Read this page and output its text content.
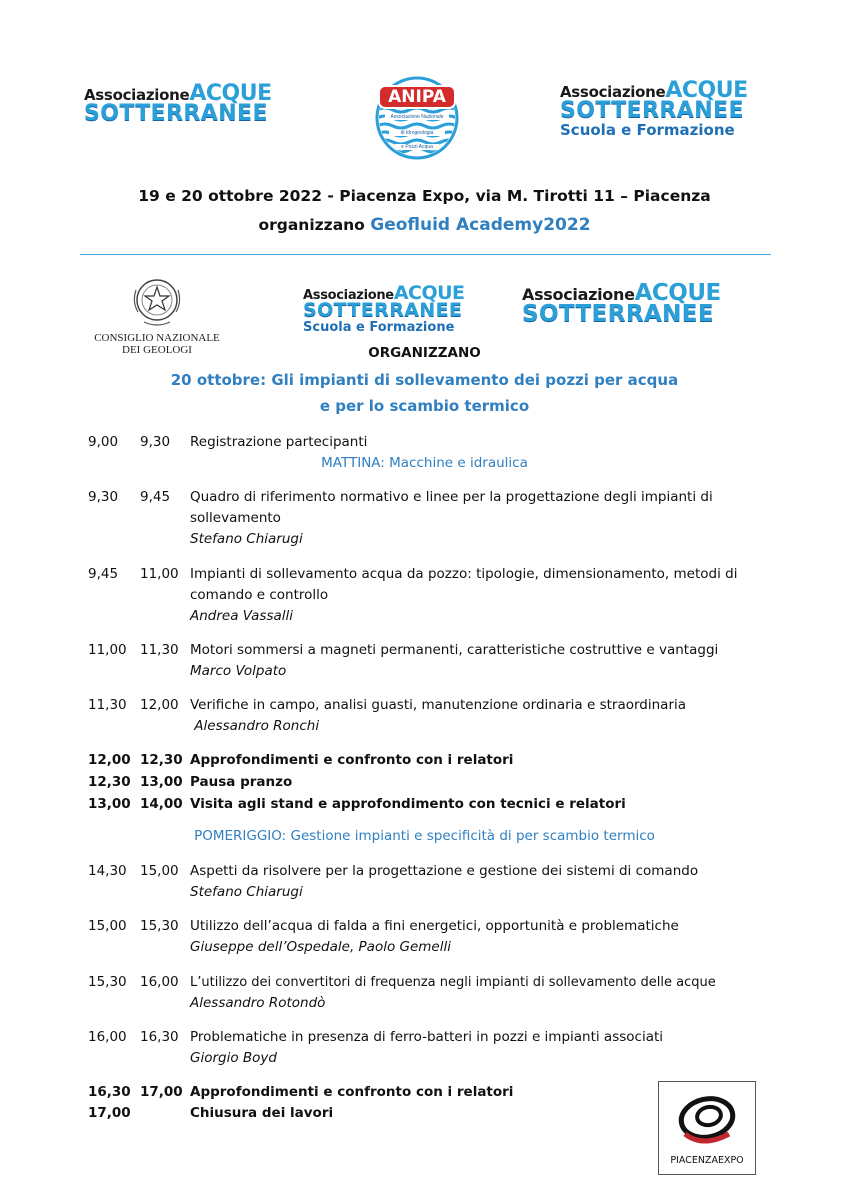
AssociazioneACQUE
SOTTERRANEE
ANIPA
Associazione Nazionale
di Idrogeologia
e Pozzi Acqua
AssociazioneACQUE
SOTTERRANEE
Scuola e Formazione
19 e 20 ottobre 2022 - Piacenza Expo, via M. Tirotti 11 – Piacenza
organizzano Geofluid Academy2022
CONSIGLIO NAZIONALE
DEI GEOLOGI
AssociazioneACQUE
SOTTERRANEE
Scuola e Formazione
AssociazioneACQUE
SOTTERRANEE
ORGANIZZANO
20 ottobre: Gli impianti di sollevamento dei pozzi per acqua
e per lo scambio termico
9,00	9,30	Registrazione partecipanti
MATTINA: Macchine e idraulica
9,30	9,45	Quadro di riferimento normativo e linee per la progettazione degli impianti di
sollevamento
Stefano Chiarugi
9,45	11,00 Impianti di sollevamento acqua da pozzo: tipologie, dimensionamento, metodi di
comando e controllo
Andrea Vassalli
11,00 11,30 Motori sommersi a magneti permanenti, caratteristiche costruttive e vantaggi
Marco Volpato
11,30 12,00 Verifiche in campo, analisi guasti, manutenzione ordinaria e straordinaria
Alessandro Ronchi
12,00 12,30 Approfondimenti e confronto con i relatori
12,30 13,00 Pausa pranzo
13,00 14,00 Visita agli stand e approfondimento con tecnici e relatori
POMERIGGIO: Gestione impianti e specificità di per scambio termico
14,30 15,00 Aspetti da risolvere per la progettazione e gestione dei sistemi di comando
Stefano Chiarugi
15,00 15,30 Utilizzo dell’acqua di falda a fini energetici, opportunità e problematiche
Giuseppe dell’Ospedale, Paolo Gemelli
15,30 16,00 L’utilizzo dei convertitori di frequenza negli impianti di sollevamento delle acque
Alessandro Rotondò
16,00 16,30 Problematiche in presenza di ferro-batteri in pozzi e impianti associati
Giorgio Boyd
16,30 17,00 Approfondimenti e confronto con i relatori
17,00	Chiusura dei lavori
PIACENZAEXPO
